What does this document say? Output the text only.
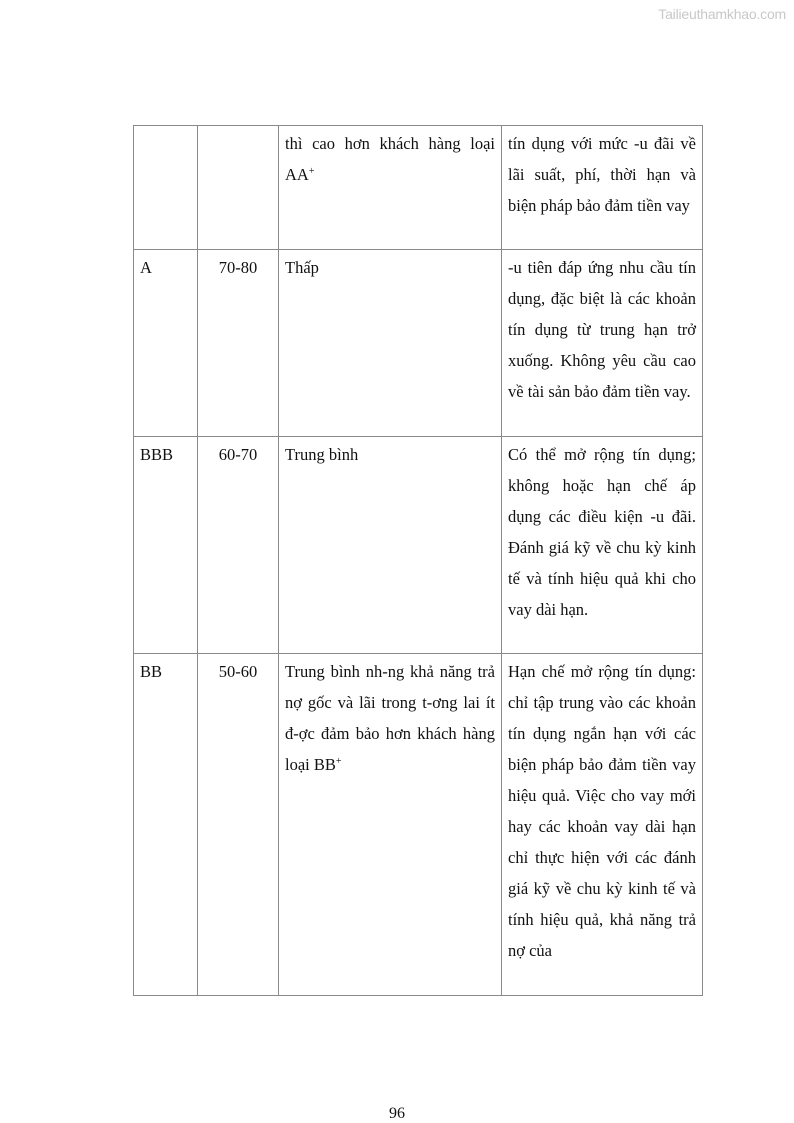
Tailieuthamkhao.com
		thì cao hơn khách hàng loại AA+	tín dụng với mức -u đãi về lãi suất, phí, thời hạn và biện pháp bảo đảm tiền vay
A	70-80	Thấp	-u tiên đáp ứng nhu cầu tín dụng, đặc biệt là các khoản tín dụng từ trung hạn trở xuống. Không yêu cầu cao về tài sản bảo đảm tiền vay.
BBB	60-70	Trung bình	Có thể mở rộng tín dụng; không hoặc hạn chế áp dụng các điều kiện -u đãi. Đánh giá kỹ về chu kỳ kinh tế và tính hiệu quả khi cho vay dài hạn.
BB	50-60	Trung bình nh-ng khả năng trả nợ gốc và lãi trong t-ơng lai ít đ-ợc đảm bảo hơn khách hàng loại BB+	Hạn chế mở rộng tín dụng: chỉ tập trung vào các khoản tín dụng ngắn hạn với các biện pháp bảo đảm tiền vay hiệu quả. Việc cho vay mới hay các khoản vay dài hạn chỉ thực hiện với các đánh giá kỹ về chu kỳ kinh tế và tính hiệu quả, khả năng trả nợ của
96
